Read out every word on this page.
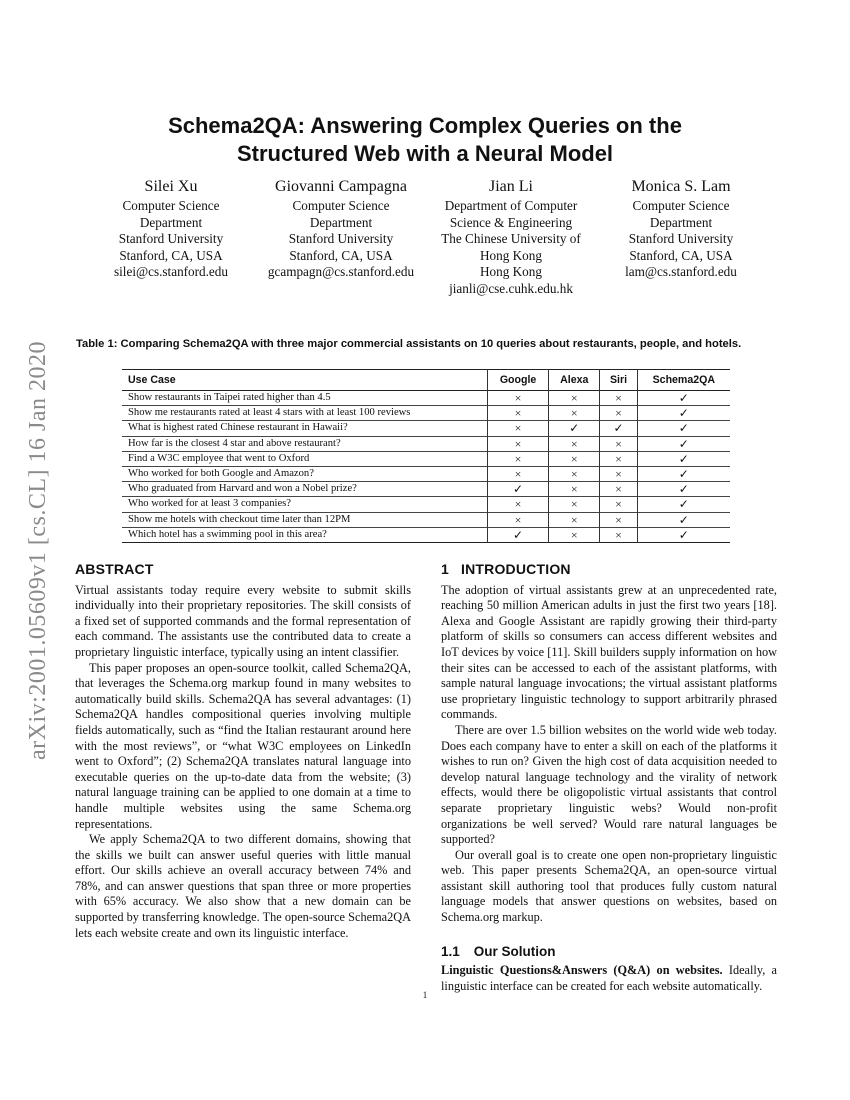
arXiv:2001.05609v1 [cs.CL] 16 Jan 2020
Schema2QA: Answering Complex Queries on the
Structured Web with a Neural Model
Silei Xu
Computer Science
Department
Stanford University
Stanford, CA, USA
silei@cs.stanford.edu
Giovanni Campagna
Computer Science
Department
Stanford University
Stanford, CA, USA
gcampagn@cs.stanford.edu
Jian Li
Department of Computer
Science & Engineering
The Chinese University of
Hong Kong
Hong Kong
jianli@cse.cuhk.edu.hk
Monica S. Lam
Computer Science
Department
Stanford University
Stanford, CA, USA
lam@cs.stanford.edu

Table 1: Comparing Schema2QA with three major commercial assistants on 10 queries about restaurants, people, and hotels.

Use Case	Google	Alexa	Siri	Schema2QA
Show restaurants in Taipei rated higher than 4.5	×	×	×	✓
Show me restaurants rated at least 4 stars with at least 100 reviews	×	×	×	✓
What is highest rated Chinese restaurant in Hawaii?	×	✓	✓	✓
How far is the closest 4 star and above restaurant?	×	×	×	✓
Find a W3C employee that went to Oxford	×	×	×	✓
Who worked for both Google and Amazon?	×	×	×	✓
Who graduated from Harvard and won a Nobel prize?	✓	×	×	✓
Who worked for at least 3 companies?	×	×	×	✓
Show me hotels with checkout time later than 12PM	×	×	×	✓
Which hotel has a swimming pool in this area?	✓	×	×	✓
ABSTRACT

Virtual assistants today require every website to submit skills individually into their proprietary repositories. The skill consists of a fixed set of supported commands and the formal representation of each command. The assistants use the contributed data to create a proprietary linguistic interface, typically using an intent classifier.

This paper proposes an open-source toolkit, called Schema2QA, that leverages the Schema.org markup found in many websites to automatically build skills. Schema2QA has several advantages: (1) Schema2QA handles compositional queries involving multiple fields automatically, such as “find the Italian restaurant around here with the most reviews”, or “what W3C employees on LinkedIn went to Oxford”; (2) Schema2QA translates natural language into executable queries on the up-to-date data from the website; (3) natural language training can be applied to one domain at a time to handle multiple websites using the same Schema.org representations.

We apply Schema2QA to two different domains, showing that the skills we built can answer useful queries with little manual effort. Our skills achieve an overall accuracy between 74% and 78%, and can answer questions that span three or more properties with 65% accuracy. We also show that a new domain can be supported by transferring knowledge. The open-source Schema2QA lets each website create and own its linguistic interface.

1 INTRODUCTION

The adoption of virtual assistants grew at an unprecedented rate, reaching 50 million American adults in just the first two years [18]. Alexa and Google Assistant are rapidly growing their third-party platform of skills so consumers can access different websites and IoT devices by voice [11]. Skill builders supply information on how their sites can be accessed to each of the assistant platforms, with sample natural language invocations; the virtual assistant platforms use proprietary linguistic technology to support arbitrarily phrased commands.

There are over 1.5 billion websites on the world wide web today. Does each company have to enter a skill on each of the platforms it wishes to run on? Given the high cost of data acquisition needed to develop natural language technology and the virality of network effects, would there be oligopolistic virtual assistants that control separate proprietary linguistic webs? Would non-profit organizations be well served? Would rare natural languages be supported?

Our overall goal is to create one open non-proprietary linguistic web. This paper presents Schema2QA, an open-source virtual assistant skill authoring tool that produces fully custom natural language models that answer questions on websites, based on Schema.org markup.

1.1 Our Solution

Linguistic Questions&Answers (Q&A) on websites. Ideally, a linguistic interface can be created for each website automatically.

1
